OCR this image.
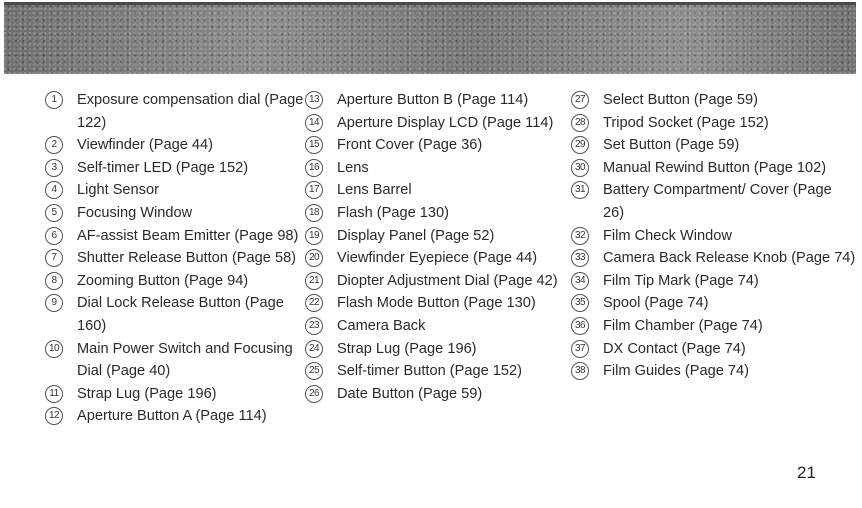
1	Exposure compensation dial (Page 122)
2	Viewfinder (Page 44)
3	Self-timer LED (Page 152)
4	Light Sensor
5	Focusing Window
6	AF-assist Beam Emitter (Page 98)
7	Shutter Release Button (Page 58)
8	Zooming Button (Page 94)
9	Dial Lock Release Button (Page 160)
10 Main Power Switch and Focusing Dial (Page 40)
11 Strap Lug (Page 196)
12 Aperture Button A (Page 114)
13 Aperture Button B (Page 114)
14 Aperture Display LCD (Page 114)
15 Front Cover (Page 36)
16 Lens
17 Lens Barrel
18 Flash (Page 130)
19 Display Panel (Page 52)
20 Viewfinder Eyepiece (Page 44)
21 Diopter Adjustment Dial (Page 42)
22 Flash Mode Button (Page 130)
23 Camera Back
24 Strap Lug (Page 196)
25 Self-timer Button (Page 152)
26 Date Button (Page 59)
27 Select Button (Page 59)
28 Tripod Socket (Page 152)
29 Set Button (Page 59)
30 Manual Rewind Button (Page 102)
31 Battery Compartment/ Cover (Page 26)
32 Film Check Window
33 Camera Back Release Knob (Page 74)
34 Film Tip Mark (Page 74)
35 Spool (Page 74)
36 Film Chamber (Page 74)
37 DX Contact (Page 74)
38 Film Guides (Page 74)
21
